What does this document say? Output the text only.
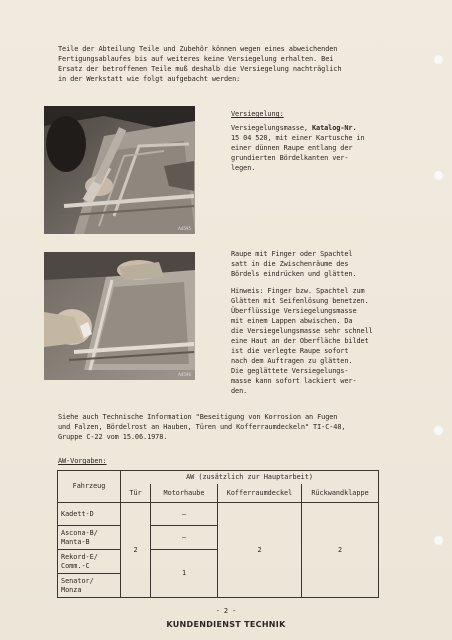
Teile der Abteilung Teile und Zubehör können wegen eines abweichenden
Fertigungsablaufes bis auf weiteres keine Versiegelung erhalten. Bei
Ersatz der betroffenen Teile muß deshalb die Versiegelung nachträglich
in der Werkstatt wie folgt aufgebacht werden:
A4595
Versiegelung:
Versiegelungsmasse, Katalog-Nr.
15 04 520, mit einer Kartusche in
einer dünnen Raupe entlang der
grundierten Bördelkanten ver-
legen.
A4596
Raupe mit Finger oder Spachtel
satt in die Zwischenräume des
Bördels eindrücken und glätten.
Hinweis: Finger bzw. Spachtel zum
Glätten mit Seifenlösung benetzen.
Überflüssige Versiegelungsmasse
mit einem Lappen abwischen. Da
die Versiegelungsmasse sehr schnell
eine Haut an der Oberfläche bildet
ist die verlegte Raupe sofort
nach dem Auftragen zu glätten.
Die geglättete Versiegelungs-
masse kann sofort lackiert wer-
den.
Siehe auch Technische Information "Beseitigung von Korrosion an Fugen
und Falzen, Bördelrost an Hauben, Türen und Kofferraumdeckeln" TI-C-48,
Gruppe C-22 vom 15.06.1978.
AW-Vorgaben:
Fahrzeug	AW (zusätzlich zur Hauptarbeit)			
	Tür	Motorhaube	Kofferraumdeckel	Rückwandklappe
Kadett-D	2	–	2	2
Ascona-B/ Manta-B		–		
Rekord-E/ Comm.-C		1		
Senator/ Monza				
- 2 -
KUNDENDIENST TECHNIK
